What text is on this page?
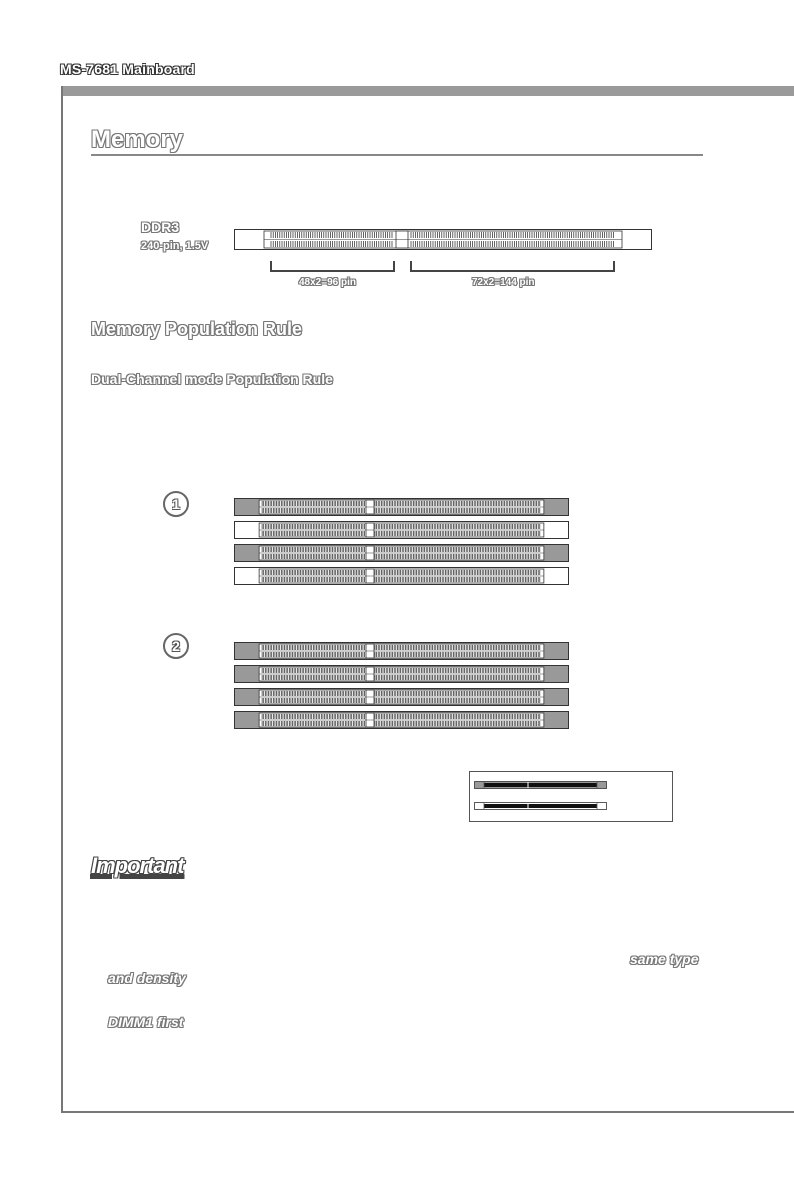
MS-7681 Mainboard
Memory
DDR3
240-pin, 1.5V
48x2=96 pin	72x2=144 pin
Memory Population Rule
Dual-Channel mode Population Rule
1
2
Important
same type
and density
DIMM1 first
